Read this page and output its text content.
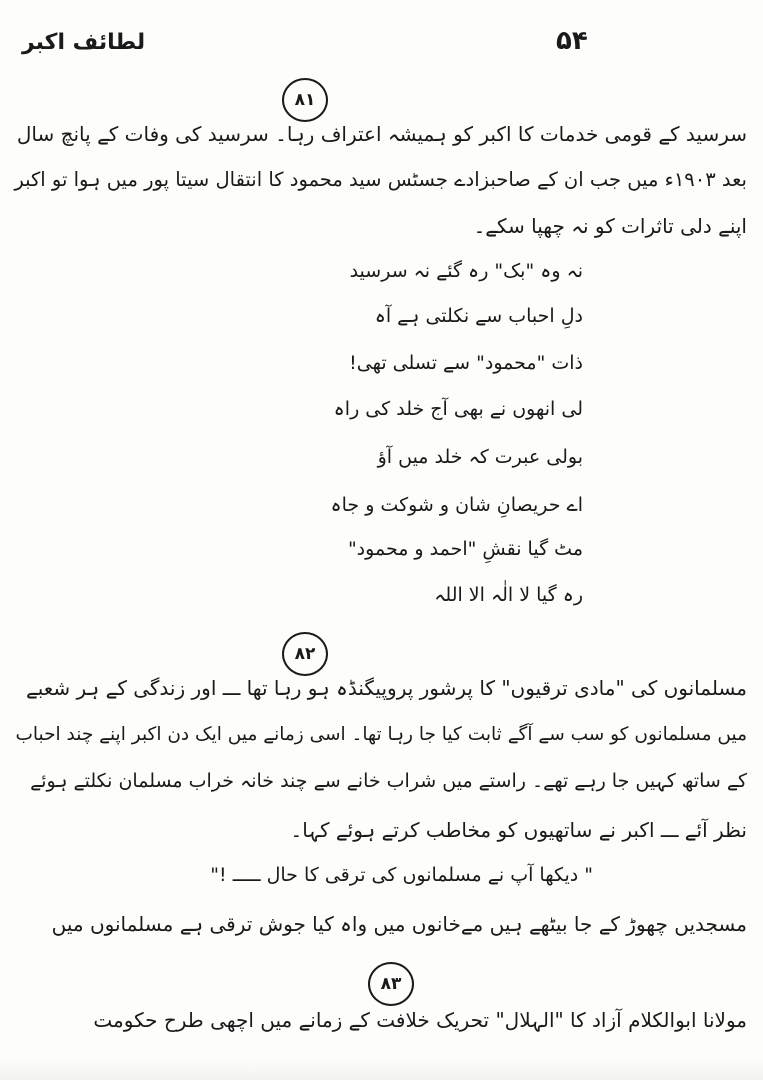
لطائف اکبر	۵۴
۸۱
سرسید کے قومی خدمات کا اکبر کو ہمیشہ اعتراف رہا۔ سرسید کی وفات کے پانچ سال
بعد ۱۹۰۳ء میں جب ان کے صاحبزادے جسٹس سید محمود کا انتقال سیتا پور میں ہوا تو اکبر
اپنے دلی تاثرات کو نہ چھپا سکے۔
نہ وہ "بک" رہ گئے نہ سرسید
دلِ احباب سے نکلتی ہے آہ
ذات "محمود" سے تسلی تھی!
لی انھوں نے بھی آج خلد کی راہ
بولی عبرت کہ خلد میں آؤ
اے حریصانِ شان و شوکت و جاہ
مٹ گیا نقشِ "احمد و محمود"
رہ گیا لا الٰہ الا اللہ
۸۲
مسلمانوں کی "مادی ترقیوں" کا پرشور پروپیگنڈہ ہو رہا تھا ـــ اور زندگی کے ہر شعبے
میں مسلمانوں کو سب سے آگے ثابت کیا جا رہا تھا۔ اسی زمانے میں ایک دن اکبر اپنے چند احباب
کے ساتھ کہیں جا رہے تھے۔ راستے میں شراب خانے سے چند خانہ خراب مسلمان نکلتے ہوئے
نظر آئے ـــ اکبر نے ساتھیوں کو مخاطب کرتے ہوئے کہا۔
" دیکھا آپ نے مسلمانوں کی ترقی کا حال ـــــ !"
مسجدیں چھوڑ کے جا بیٹھے ہیں مےخانوں میں واہ کیا جوش ترقی ہے مسلمانوں میں
۸۳
مولانا ابوالکلام آزاد کا "الہلال" تحریک خلافت کے زمانے میں اچھی طرح حکومت
